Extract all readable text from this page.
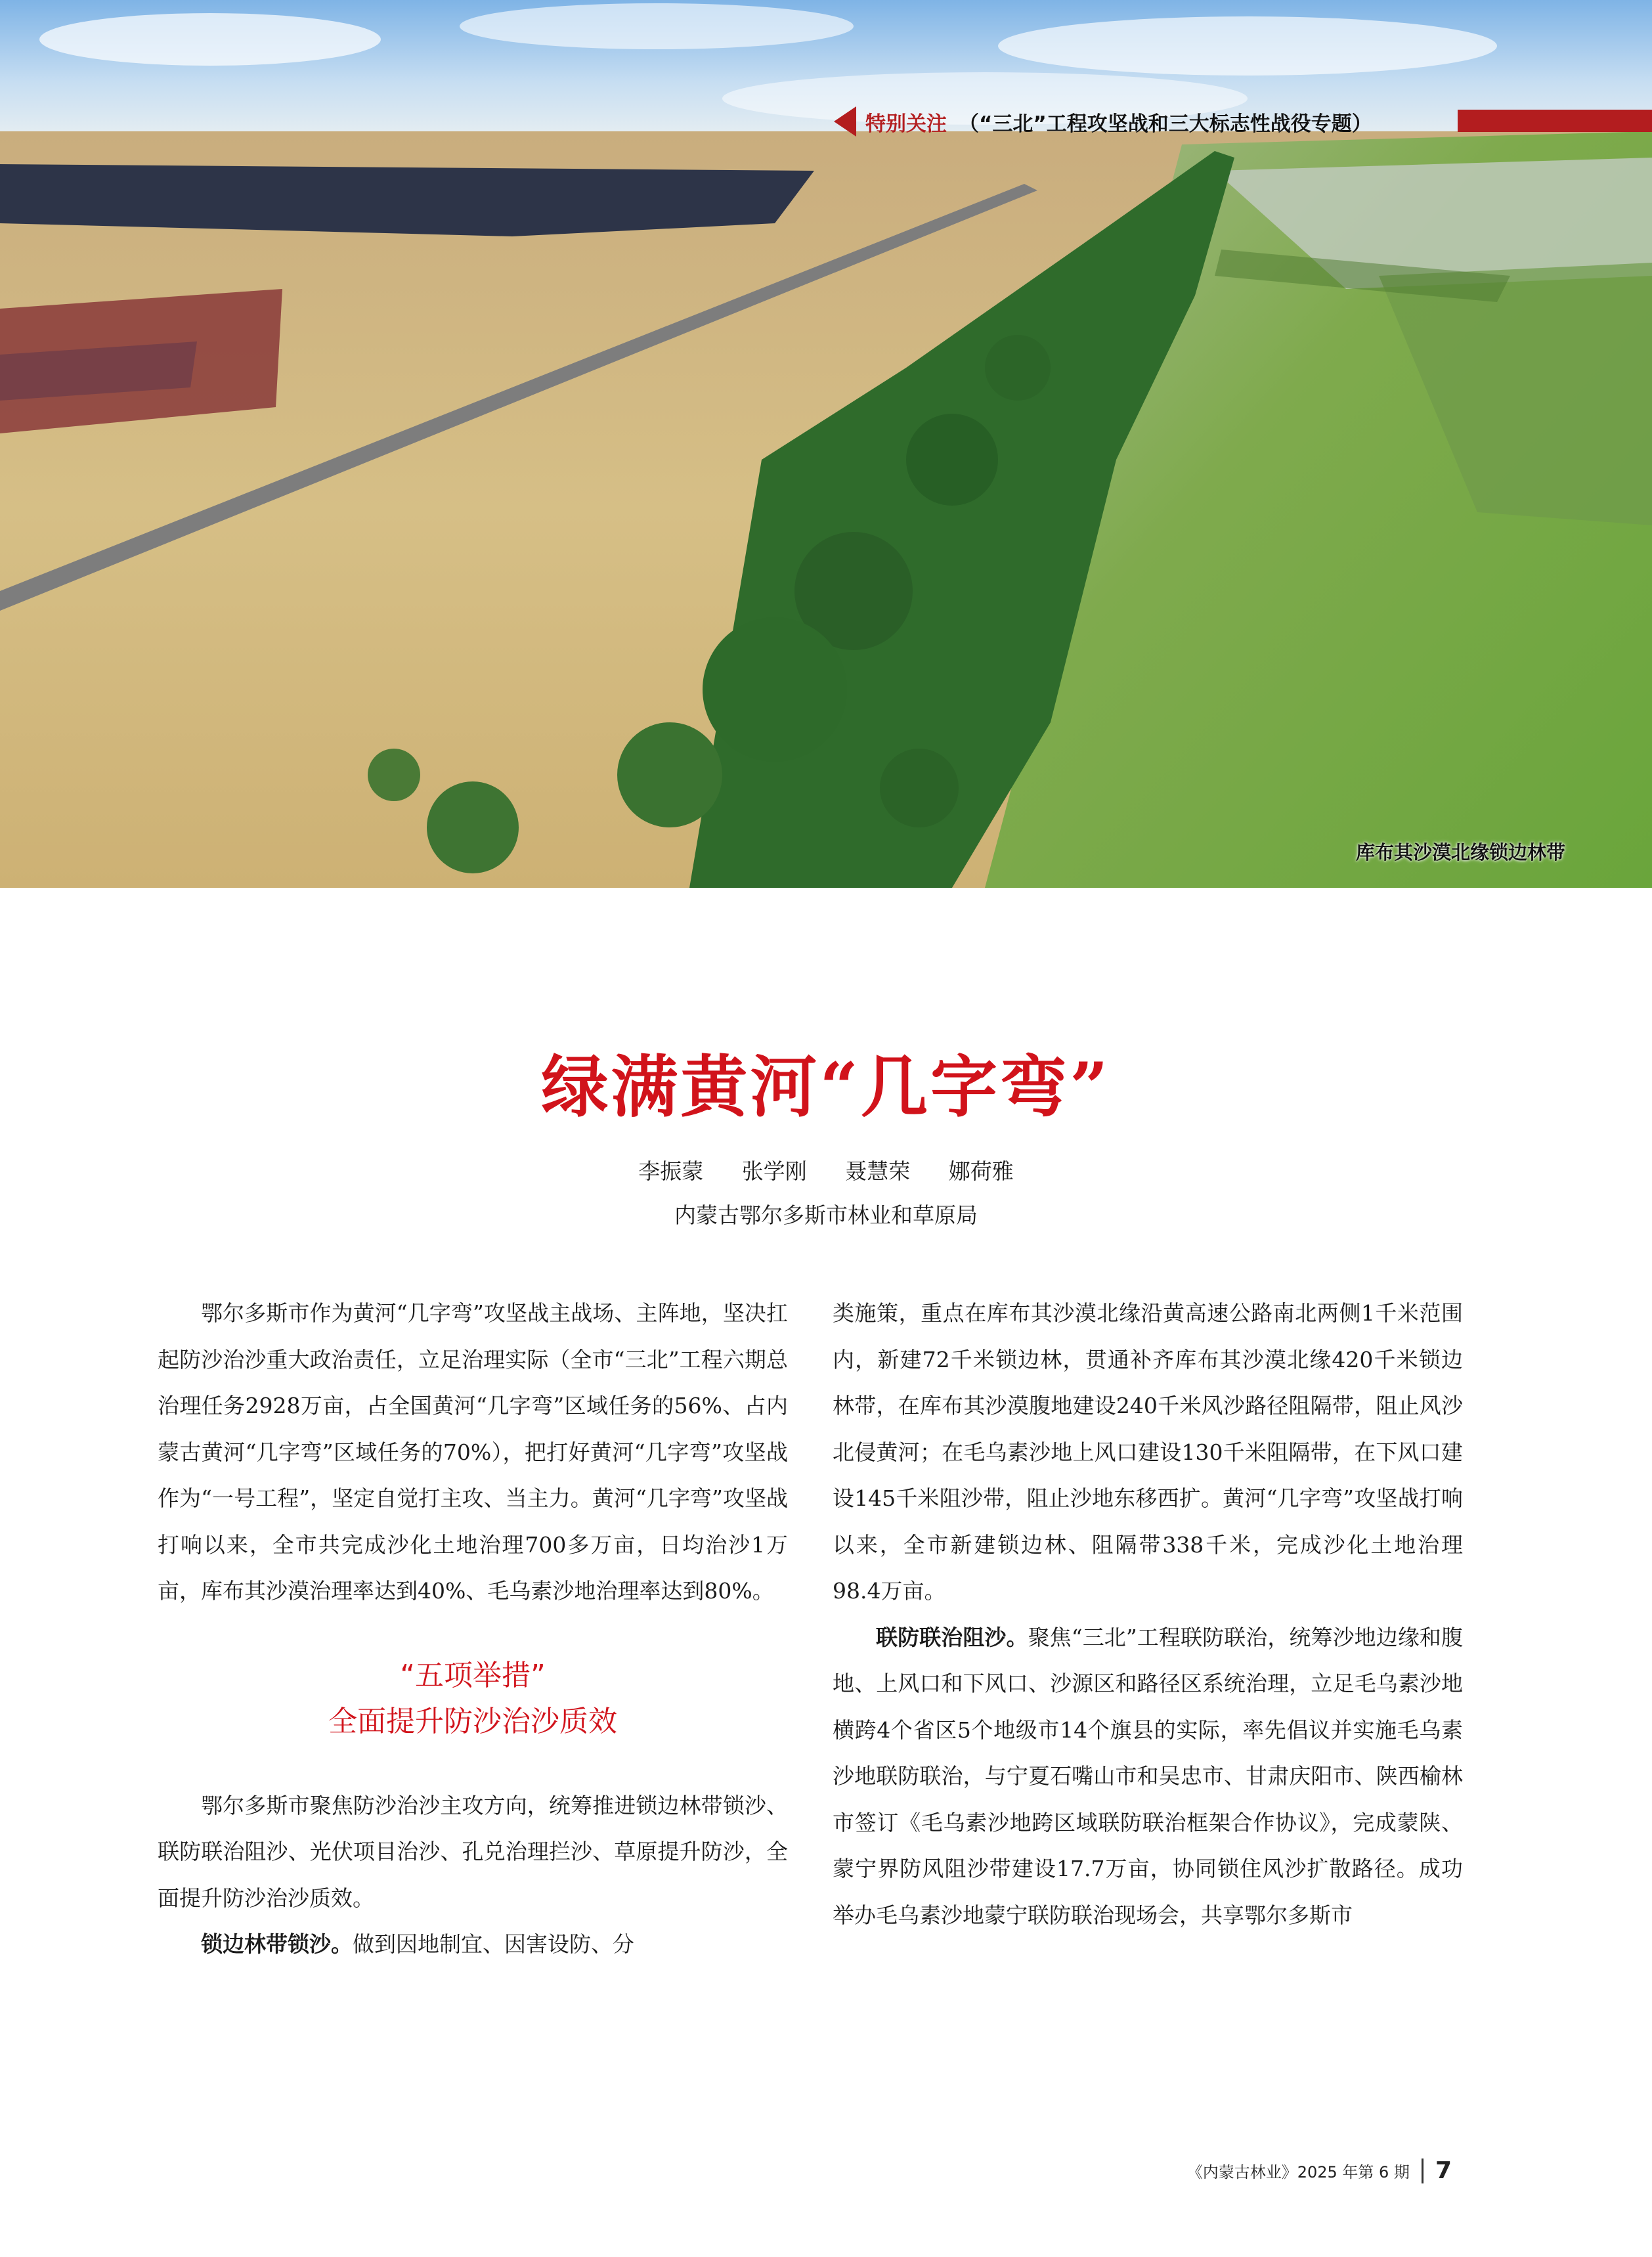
特别关注 （“三北”工程攻坚战和三大标志性战役专题）
库布其沙漠北缘锁边林带
绿满黄河“几字弯”
李振蒙 张学刚 聂慧荣 娜荷雅
内蒙古鄂尔多斯市林业和草原局

鄂尔多斯市作为黄河“几字弯”攻坚战主战场、主阵地，坚决扛起防沙治沙重大政治责任，立足治理实际（全市“三北”工程六期总治理任务2928万亩，占全国黄河“几字弯”区域任务的56%、占内蒙古黄河“几字弯”区域任务的70%），把打好黄河“几字弯”攻坚战作为“一号工程”，坚定自觉打主攻、当主力。黄河“几字弯”攻坚战打响以来，全市共完成沙化土地治理700多万亩，日均治沙1万亩，库布其沙漠治理率达到40%、毛乌素沙地治理率达到80%。

“五项举措”
全面提升防沙治沙质效

鄂尔多斯市聚焦防沙治沙主攻方向，统筹推进锁边林带锁沙、联防联治阻沙、光伏项目治沙、孔兑治理拦沙、草原提升防沙，全面提升防沙治沙质效。

锁边林带锁沙。做到因地制宜、因害设防、分

类施策，重点在库布其沙漠北缘沿黄高速公路南北两侧1千米范围内，新建72千米锁边林，贯通补齐库布其沙漠北缘420千米锁边林带，在库布其沙漠腹地建设240千米风沙路径阻隔带，阻止风沙北侵黄河；在毛乌素沙地上风口建设130千米阻隔带，在下风口建设145千米阻沙带，阻止沙地东移西扩。黄河“几字弯”攻坚战打响以来，全市新建锁边林、阻隔带338千米，完成沙化土地治理98.4万亩。

联防联治阻沙。聚焦“三北”工程联防联治，统筹沙地边缘和腹地、上风口和下风口、沙源区和路径区系统治理，立足毛乌素沙地横跨4个省区5个地级市14个旗县的实际，率先倡议并实施毛乌素沙地联防联治，与宁夏石嘴山市和吴忠市、甘肃庆阳市、陕西榆林市签订《毛乌素沙地跨区域联防联治框架合作协议》，完成蒙陕、蒙宁界防风阻沙带建设17.7万亩，协同锁住风沙扩散路径。成功举办毛乌素沙地蒙宁联防联治现场会，共享鄂尔多斯市

《内蒙古林业》2025 年第 6 期 7
